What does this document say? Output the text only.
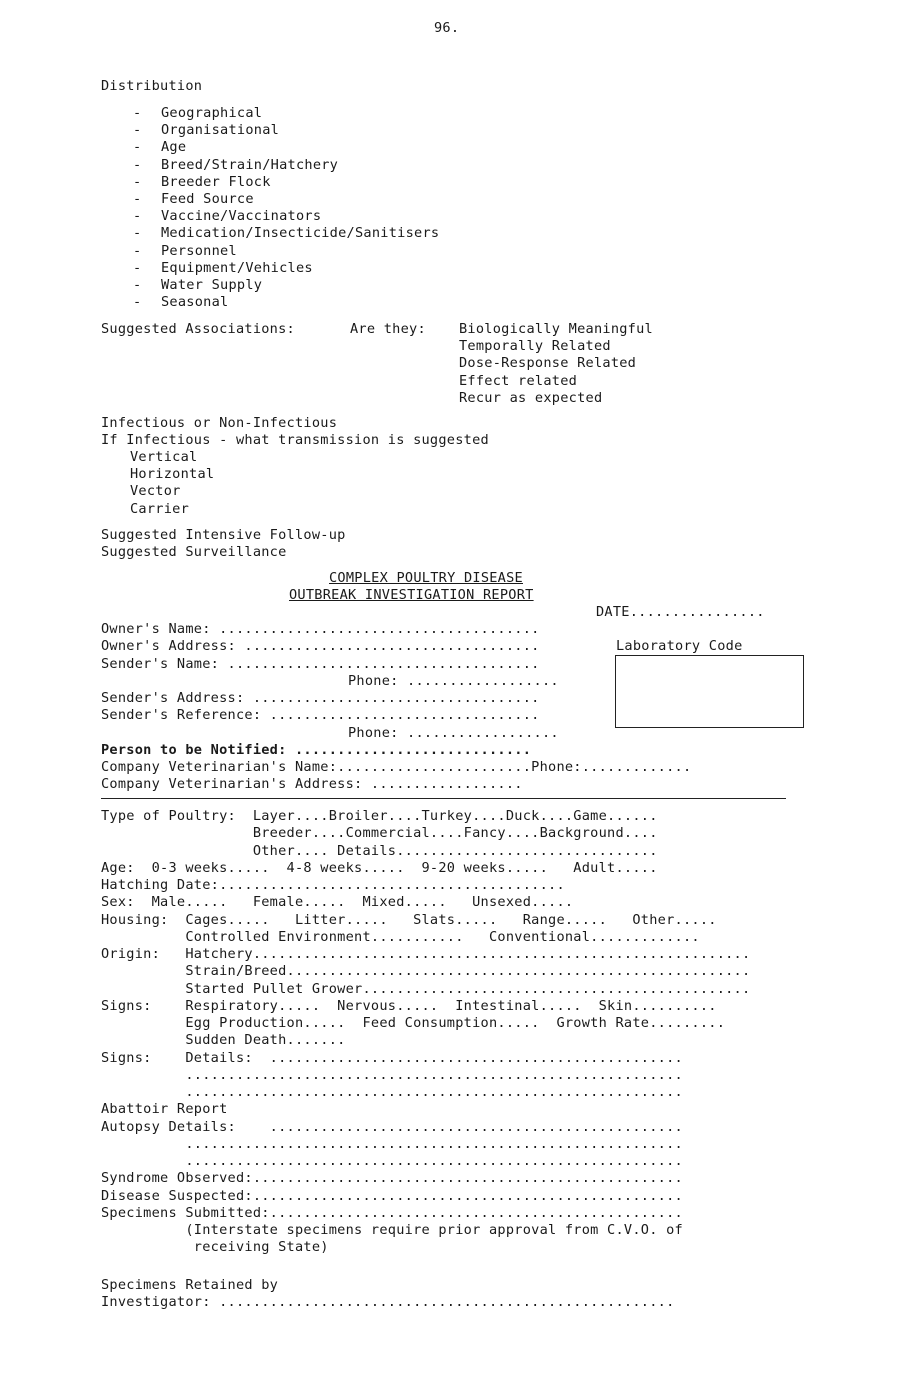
96.
Distribution
- Geographical
- Organisational
- Age
- Breed/Strain/Hatchery
- Breeder Flock
- Feed Source
- Vaccine/Vaccinators
- Medication/Insecticide/Sanitisers
- Personnel
- Equipment/Vehicles
- Water Supply
- Seasonal
Suggested Associations:	Are they: Biologically Meaningful
Temporally Related
Dose-Response Related
Effect related
Recur as expected
Infectious or Non-Infectious
If Infectious - what transmission is suggested
Vertical
Horizontal
Vector
Carrier
Suggested Intensive Follow-up
Suggested Surveillance
COMPLEX POULTRY DISEASE
OUTBREAK INVESTIGATION REPORT
DATE................
Owner's Name: ......................................
Owner's Address: ...................................	Laboratory Code
Sender's Name: .....................................
Phone: ..................
Sender's Address: ..................................
Sender's Reference: ................................
Phone: ..................
Person to be Notified: ............................
Company Veterinarian's Name:.......................Phone:.............
Company Veterinarian's Address: ..................
Type of Poultry:  Layer....Broiler....Turkey....Duck....Game......
Breeder....Commercial....Fancy....Background....
Other.... Details...............................
Age:  0-3 weeks.....  4-8 weeks.....  9-20 weeks.....   Adult.....
Hatching Date:.........................................
Sex:  Male.....   Female.....  Mixed.....   Unsexed.....
Housing:  Cages.....   Litter.....   Slats.....   Range.....   Other.....
Controlled Environment...........   Conventional.............
Origin:   Hatchery...........................................................
Strain/Breed.......................................................
Started Pullet Grower..............................................
Signs:    Respiratory.....  Nervous.....  Intestinal.....  Skin..........
Egg Production.....  Feed Consumption.....  Growth Rate.........
Sudden Death.......
Signs:    Details:  .................................................
...........................................................
...........................................................
Abattoir Report
Autopsy Details:    .................................................
...........................................................
...........................................................
Syndrome Observed:...................................................
Disease Suspected:...................................................
Specimens Submitted:.................................................
(Interstate specimens require prior approval from C.V.O. of
receiving State)
Specimens Retained by
Investigator: ......................................................
